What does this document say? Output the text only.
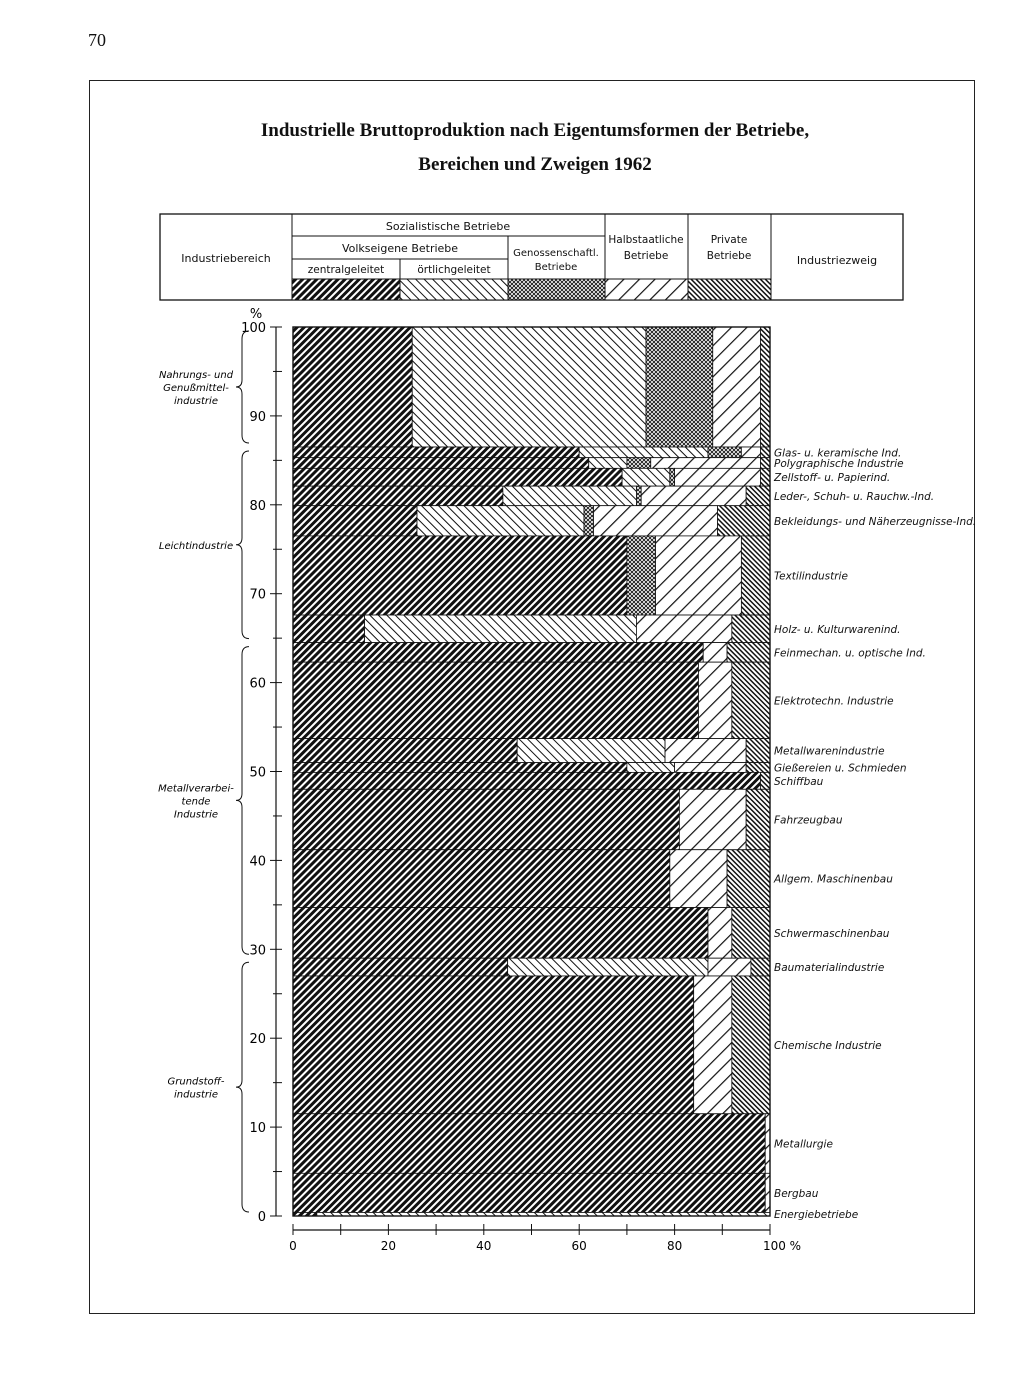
70
Industrielle Bruttoproduktion nach Eigentumsformen der Betriebe,
Bereichen und Zweigen 1962
Industriebereich
Sozialistische Betriebe
Volkseigene Betriebe
zentralgeleitet	örtlichgeleitet
Genossenschaftl.
Betriebe
Halbstaatliche
Betriebe
Private
Betriebe	Industriezweig
Glas- u. keramische Ind.
Polygraphische Industrie
Zellstoff- u. Papierind.
Leder-, Schuh- u. Rauchw.-Ind.
Bekleidungs- und Näherzeugnisse-Ind.
Textilindustrie
Holz- u. Kulturwarenind.
Feinmechan. u. optische Ind.
Elektrotechn. Industrie
Metallwarenindustrie
Gießereien u. Schmieden
Schiffbau
Fahrzeugbau
Allgem. Maschinenbau
Schwermaschinenbau
Baumaterialindustrie
Chemische Industrie
Metallurgie
Bergbau
Energiebetriebe
%
0
10
20
30
40
50
60
70
80
90
100
0	20	40	60	80	100 %
Nahrungs- und Genußmittel-industrie
Leichtindustrie
Metallverarbei-tende Industrie
Grundstoff-industrie
